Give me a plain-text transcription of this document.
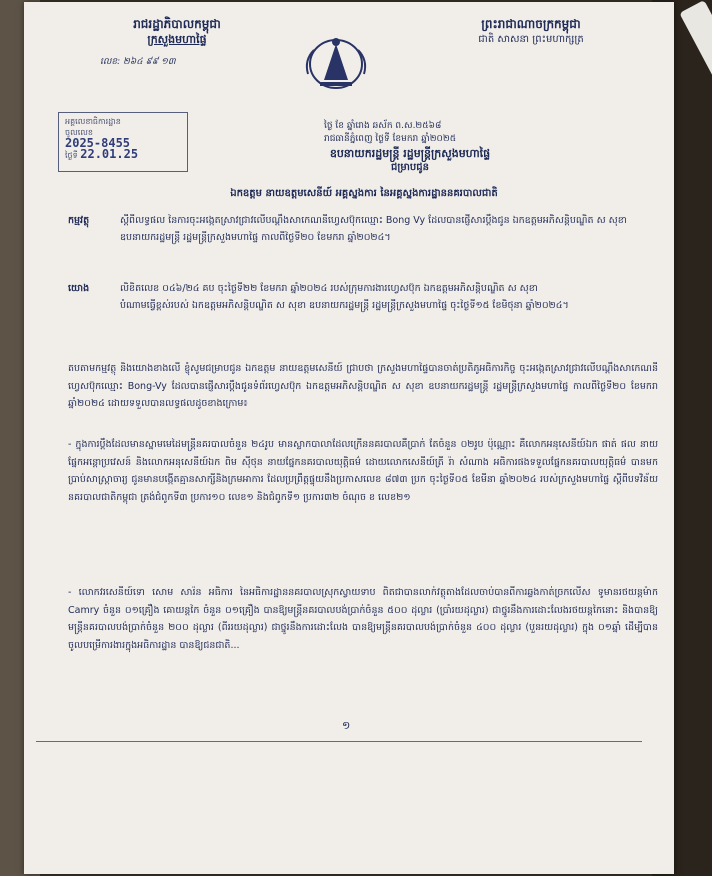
រាជរដ្ឋាភិបាលកម្ពុជា
ក្រសួងមហាផ្ទៃ
លេខ: ២៦៤ ៩៩ ១៣
ព្រះរាជាណាចក្រកម្ពុជា
ជាតិ សាសនា ព្រះមហាក្សត្រ
អគ្គលេខាធិការដ្ឋាន
ចូលលេខ
2025-8455
ថ្ងៃទី 22.01.25
ថ្ងៃ ខែ ឆ្នាំរោង ឆស័ក ព.ស.២៥៦៨
រាជធានីភ្នំពេញ ថ្ងៃទី ខែមករា ឆ្នាំ២០២៥
ឧបនាយករដ្ឋមន្ត្រី រដ្ឋមន្ត្រីក្រសួងមហាផ្ទៃ
ជម្រាបជូន
ឯកឧត្តម នាយឧត្តមសេនីយ៍ អគ្គស្នងការ នៃអគ្គស្នងការដ្ឋាននគរបាលជាតិ
កម្មវត្ថុ	ស្តីពីលទ្ធផល នៃការចុះអង្កេតស្រាវជ្រាវលើបណ្តឹងសាកេណនីហ្វេសប៊ុកឈ្មោះ Bong Vy ដែលបានផ្ញើសារប្តឹងជូន ឯកឧត្តមអភិសន្តិបណ្ឌិត ស សុខា ឧបនាយករដ្ឋមន្ត្រី រដ្ឋមន្ត្រីក្រសួងមហាផ្ទៃ កាលពីថ្ងៃទី២០ ខែមករា ឆ្នាំ២០២៤។
យោង	លិខិតលេខ ០៤៦/២៤ គប ចុះថ្ងៃទី២២ ខែមករា ឆ្នាំ២០២៤ របស់ក្រុមការងារហ្វេសប៊ុក ឯកឧត្តមអភិសន្តិបណ្ឌិត ស សុខា
បំណាមធ្វើខ្ពស់របស់ ឯកឧត្តមអភិសន្តិបណ្ឌិត ស សុខា ឧបនាយករដ្ឋមន្ត្រី រដ្ឋមន្ត្រីក្រសួងមហាផ្ទៃ ចុះថ្ងៃទី១៥ ខែមិថុនា ឆ្នាំ២០២៤។
តបតាមកម្មវត្ថុ និងយោងខាងលើ ខ្ញុំសូមជម្រាបជូន ឯកឧត្តម នាយឧត្តមសេនីយ៍ ជ្រាបថា ក្រសួងមហាផ្ទៃបានចាត់ប្រតិភូអធិការកិច្ច ចុះអង្កេតស្រាវជ្រាវលើបណ្តឹងសាកេណនីហ្វេសប៊ុកឈ្មោះ Bong-Vy ដែលបានផ្ញើសារប្តឹងជូនទំព័រហ្វេសប៊ុក ឯកឧត្តមអភិសន្តិបណ្ឌិត ស សុខា ឧបនាយករដ្ឋមន្ត្រី រដ្ឋមន្ត្រីក្រសួងមហាផ្ទៃ កាលពីថ្ងៃទី២០ ខែមករា ឆ្នាំ២០២៤ ដោយទទួលបានលទ្ធផលដូចខាងក្រោម៖
- ក្នុងការប្តឹងដែលមានស្នាមមេដៃមន្ត្រីនគរបាលចំនួន ២៤រូប មានស្លាកបាលាដែលក្រើននគរបាលគឺប្រាក់ តែចំនួន ០២រូប ប៉ុណ្ណោះ គឺលោកអនុសេនីយ៍ឯក ផាត់ ផល នាយផ្នែកអន្តោប្រវេសន៍ និងលោកអនុសេនីយ៍ឯក ពិម សុីថុន នាយផ្នែកនគរបាលយុត្តិធម៌ ដោយលោកសេនីយ៍ត្រី រ៉ា សំណាង អធិការផងទទួលផ្នែកនគរបាលយុត្តិធម៌ បានមកប្រាប់សាស្ត្រាចារ្យ ជូនមានបង្កើតគ្មានសាក្សីនិងក្រមអាការ ដែលប្រព្រឹត្តផ្ទុយនឹងប្រកាសលេខ ៨៧៣ ប្រក ចុះថ្ងៃទី០៥ ខែមីនា ឆ្នាំ២០២៤ របស់ក្រសួងមហាផ្ទៃ ស្តីពីបទវិន័យនគរបាលជាតិកម្ពុជា ត្រង់ជំពូកទី៣ ប្រការ១០ លេខ១ និងជំពូកទី១ ប្រការ៣២ ចំណុច ខ លេខ២១
- លោកវរសេនីយ៍ទោ សោម សារ៉ន អធិការ នៃអធិការដ្ឋាននគរបាលស្រុកស្វាយទាប ពិតជាបានលាក់វត្ថុតាងដែលចាប់បានពីការឆ្លងកាត់ច្រកលើស ទូមានរថយន្តម៉ាក Camry ចំនួន ០១គ្រឿង គោយន្តកៃ ចំនួន ០១គ្រឿង បានឱ្យមន្ត្រីនគរបាលបង់ប្រាក់ចំនួន ៥០០ ដុល្លារ (ប្រាំរយដុល្លារ) ជាថ្នូរនឹងការដោះលែងរថយន្តកៃនោះ និងបានឱ្យមន្ត្រីនគរបាលបង់ប្រាក់ចំនួន ២០០ ដុល្លារ (ពីររយដុល្លារ) ជាថ្នូរនឹងការដោះលែង បានឱ្យមន្ត្រីនគរបាលបង់ប្រាក់ចំនួន ៤០០ ដុល្លារ (បួនរយដុល្លារ) ក្នុង ០១ឆ្នាំ ដើម្បីបានចូលបម្រើការងារក្នុងអធិការដ្ឋាន បានឱ្យជនជាតិ...
១
